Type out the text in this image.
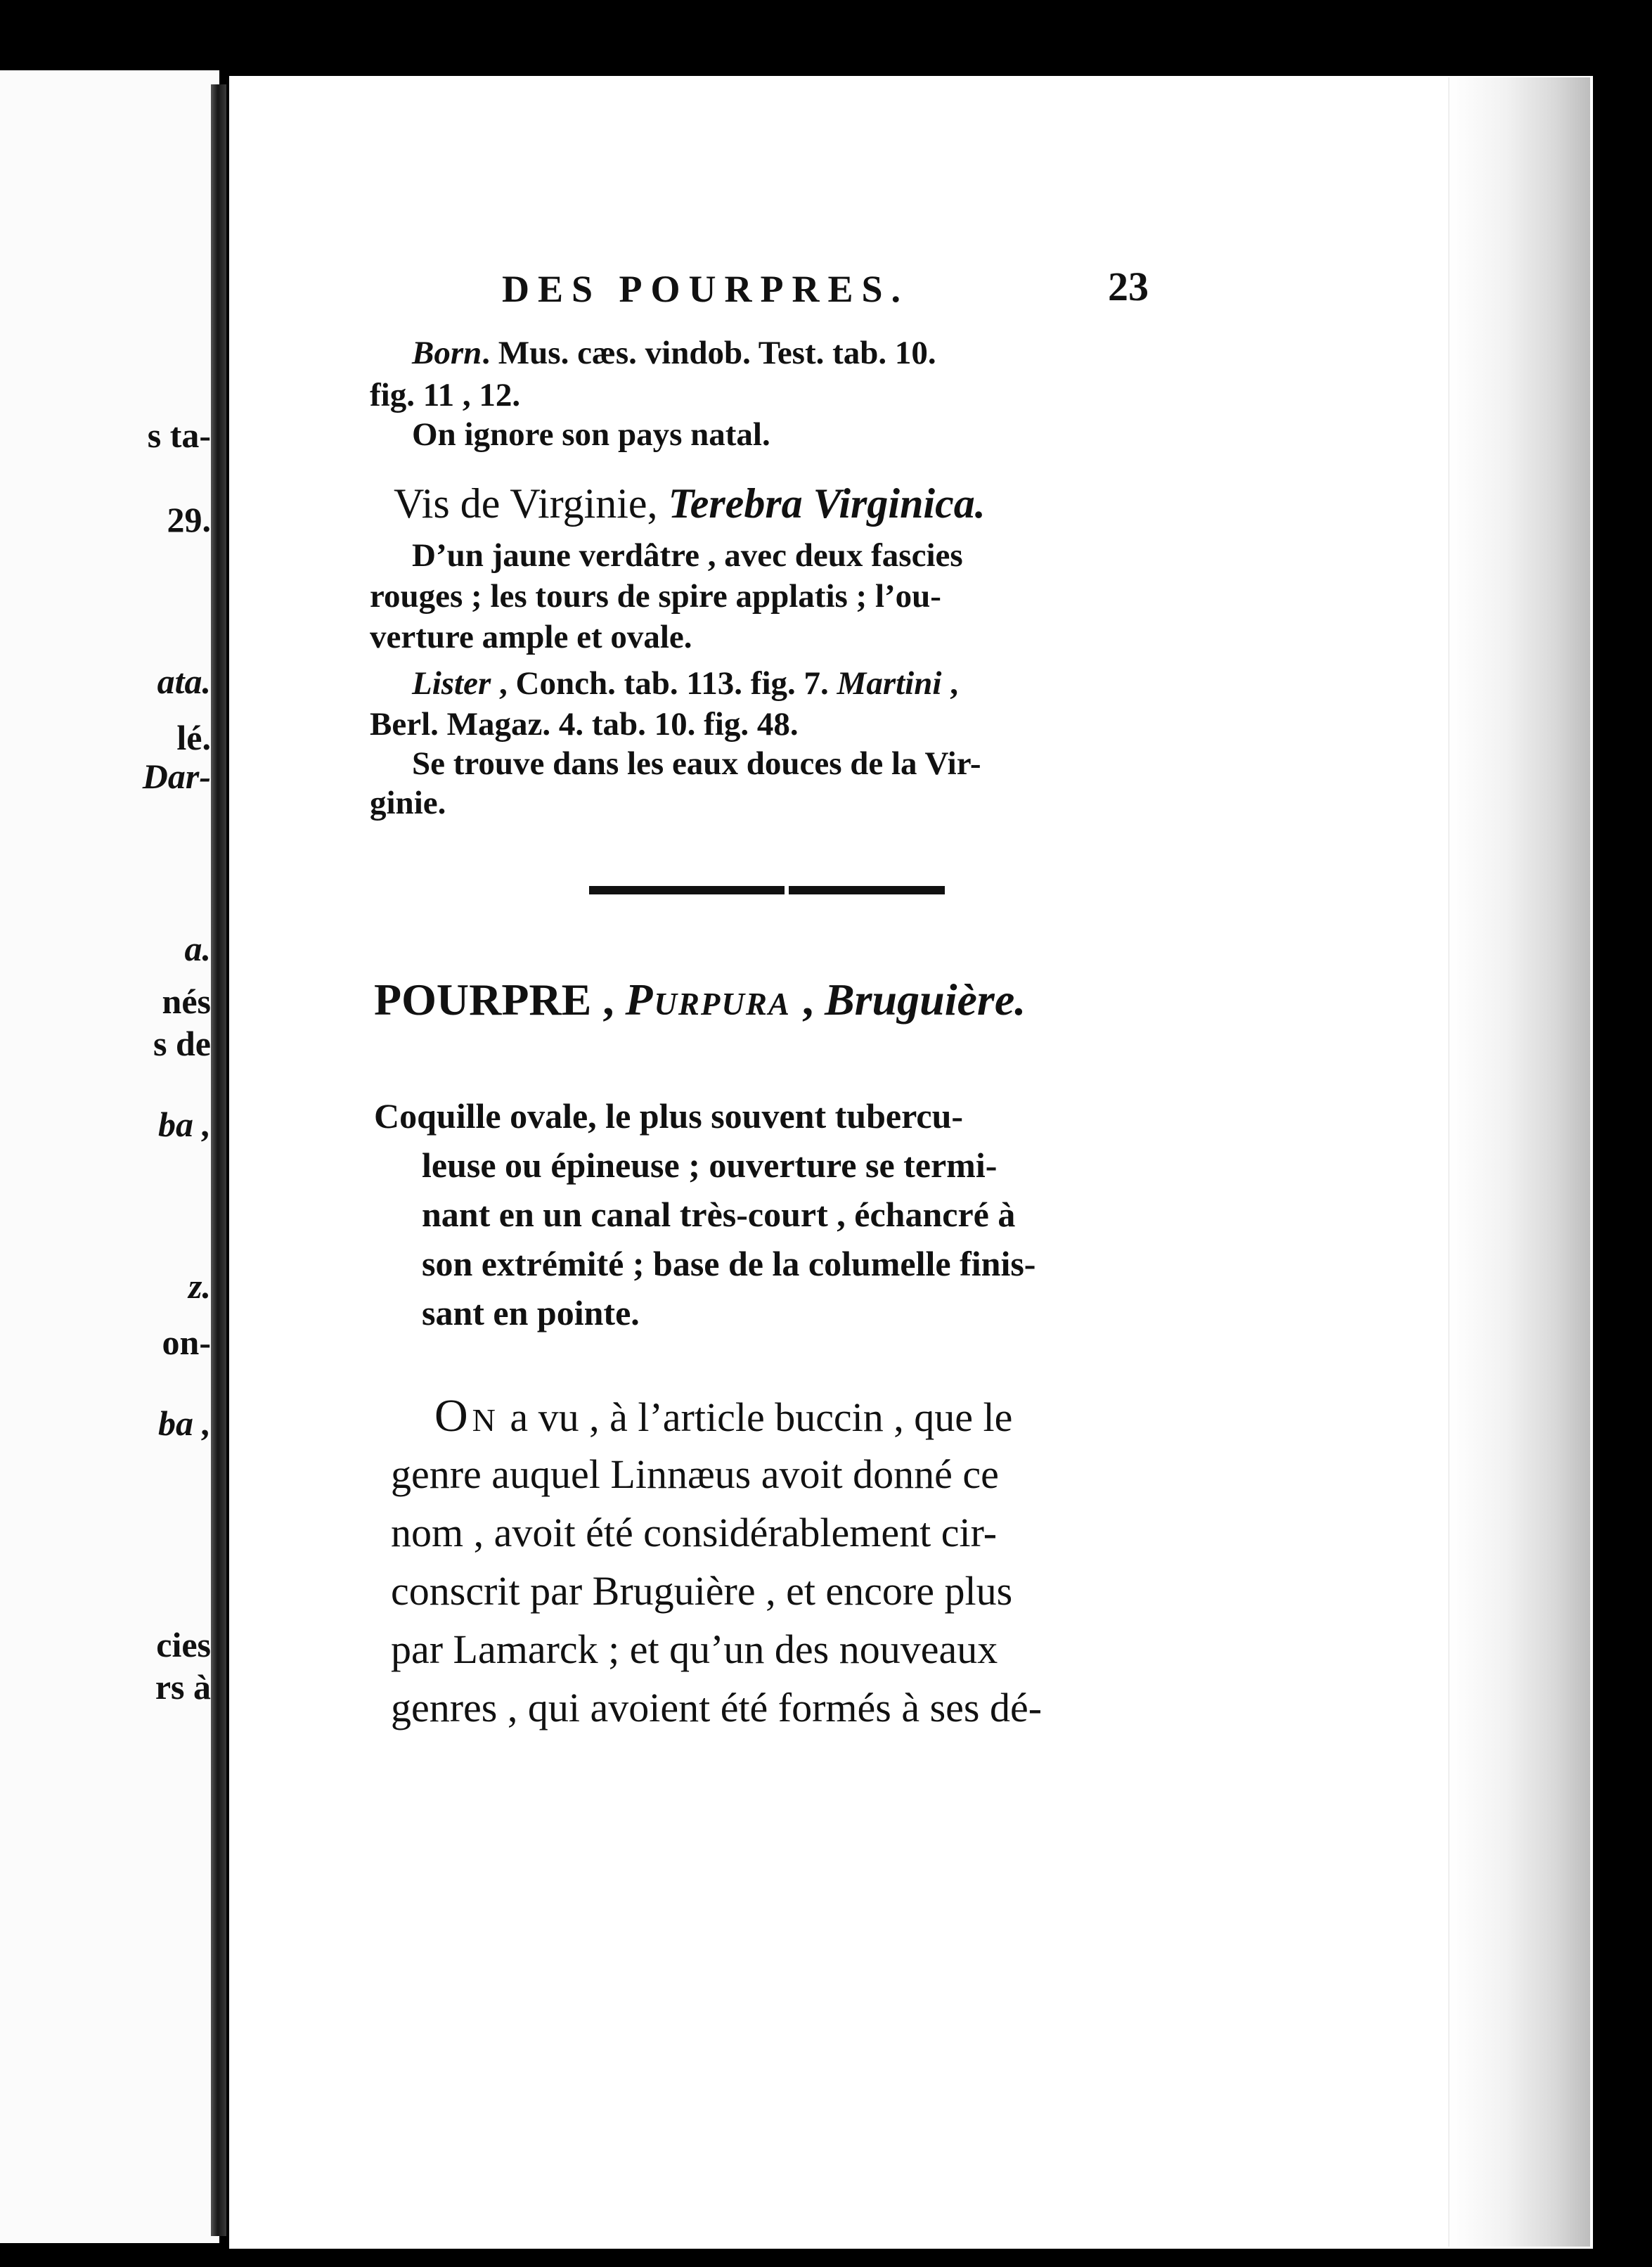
s ta-
29.
ata.
lé.
Dar-
a.
nés
s de
ba ,
z.
on-
ba ,
cies
rs à
DES POURPRES.	23
Born. Mus. cæs. vindob. Test. tab. 10.
fig. 11 , 12.
On ignore son pays natal.
Vis de Virginie, Terebra Virginica.
D’un jaune verdâtre , avec deux fascies
rouges ; les tours de spire applatis ; l’ou-
verture ample et ovale.
Lister , Conch. tab. 113. fig. 7. Martini ,
Berl. Magaz. 4. tab. 10. fig. 48.
Se trouve dans les eaux douces de la Vir-
ginie.
POURPRE , Purpura , Bruguière.
Coquille ovale, le plus souvent tubercu-
leuse ou épineuse ; ouverture se termi-
nant en un canal très-court , échancré à
son extrémité ; base de la columelle finis-
sant en pointe.
On a vu , à l’article buccin , que le
genre auquel Linnæus avoit donné ce
nom , avoit été considérablement cir-
conscrit par Bruguière , et encore plus
par Lamarck ; et qu’un des nouveaux
genres , qui avoient été formés à ses dé-
